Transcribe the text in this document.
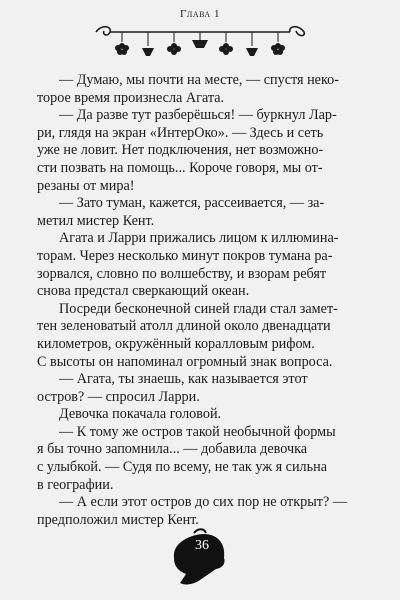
Глава 1
— Думаю, мы почти на месте, — спустя неко-
торое время произнесла Агата.
— Да разве тут разберёшься! — буркнул Лар-
ри, глядя на экран «ИнтерОко». — Здесь и сеть
уже не ловит. Нет подключения, нет возможно-
сти позвать на помощь... Короче говоря, мы от-
резаны от мира!
— Зато туман, кажется, рассеивается, — за-
метил мистер Кент.
Агата и Ларри прижались лицом к иллюмина-
торам. Через несколько минут покров тумана ра-
зорвался, словно по волшебству, и взорам ребят
снова предстал сверкающий океан.
Посреди бесконечной синей глади стал замет-
тен зеленоватый атолл длиной около двенадцати
километров, окружённый коралловым рифом.
С высоты он напоминал огромный знак вопроса.
— Агата, ты знаешь, как называется этот
остров? — спросил Ларри.
Девочка покачала головой.
— К тому же остров такой необычной формы
я бы точно запомнила... — добавила девочка
с улыбкой. — Судя по всему, не так уж я сильна
в географии.
— А если этот остров до сих пор не открыт? —
предположил мистер Кент.
36
